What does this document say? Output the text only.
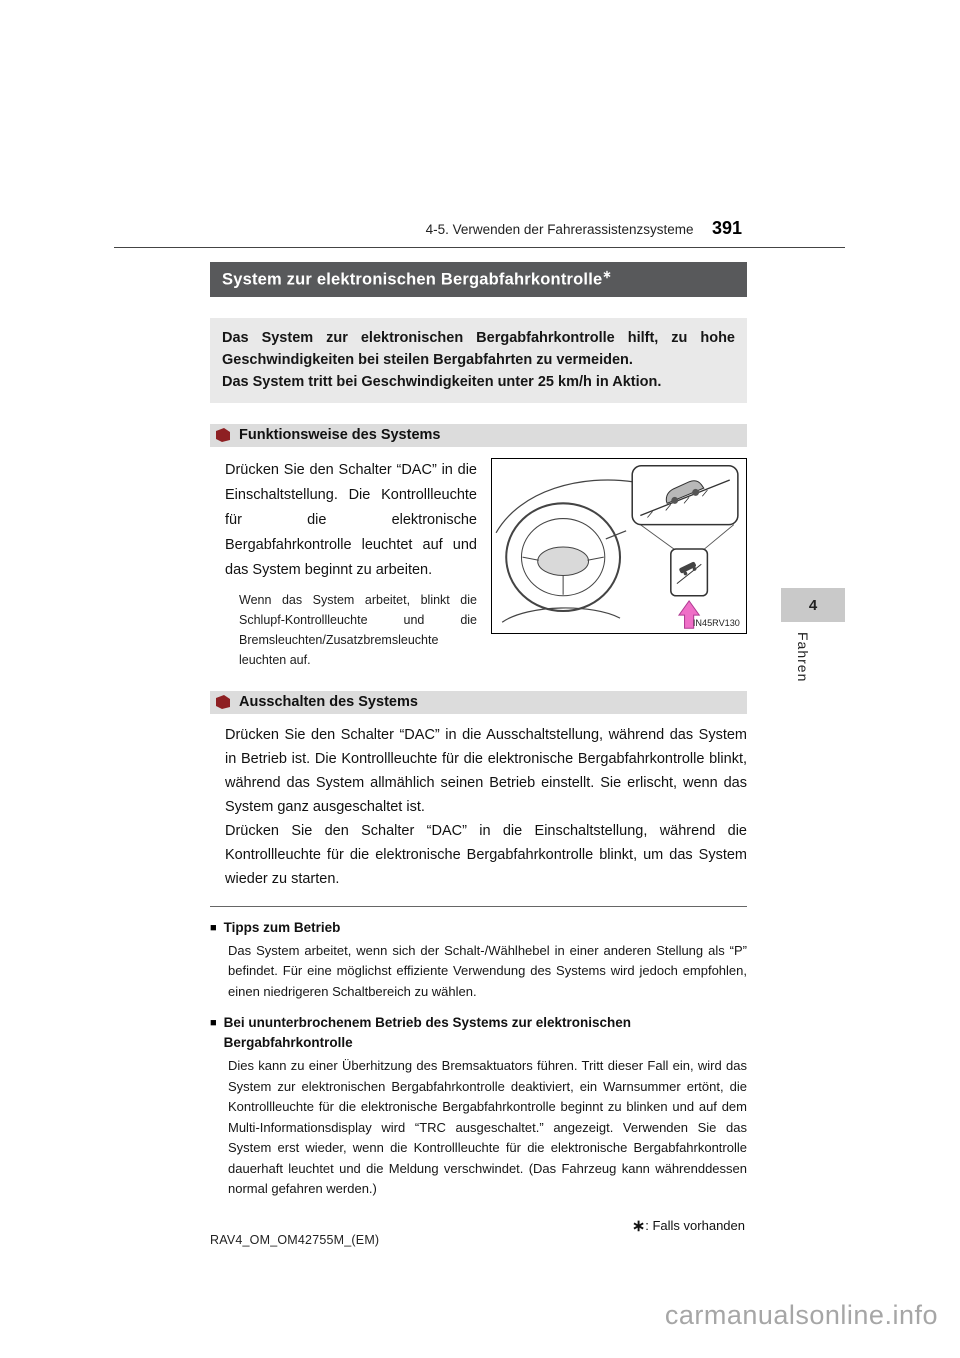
4-5. Verwenden der Fahrerassistenzsysteme 391
System zur elektronischen Bergabfahrkontrolle∗

Das System zur elektronischen Bergabfahrkontrolle hilft, zu hohe Geschwindigkeiten bei steilen Bergabfahrten zu vermeiden.

Das System tritt bei Geschwindigkeiten unter 25 km/h in Aktion.

Funktionsweise des Systems

Drücken Sie den Schalter “DAC” in die Einschaltstellung. Die Kontrollleuchte für die elektronische Bergabfahrkontrolle leuchtet auf und das System beginnt zu arbeiten.

Wenn das System arbeitet, blinkt die Schlupf-Kontrollleuchte und die Bremsleuchten/Zusatzbremsleuchte leuchten auf.

IN45RV130
Ausschalten des Systems

Drücken Sie den Schalter “DAC” in die Ausschaltstellung, während das System in Betrieb ist. Die Kontrollleuchte für die elektronische Bergabfahrkontrolle blinkt, während das System allmählich seinen Betrieb einstellt. Sie erlischt, wenn das System ganz ausgeschaltet ist.

Drücken Sie den Schalter “DAC” in die Einschaltstellung, während die Kontrollleuchte für die elektronische Bergabfahrkontrolle blinkt, um das System wieder zu starten.

■ Tipps zum Betrieb

Das System arbeitet, wenn sich der Schalt-/Wählhebel in einer anderen Stellung als “P” befindet. Für eine möglichst effiziente Verwendung des Systems wird jedoch empfohlen, einen niedrigeren Schaltbereich zu wählen.

■ Bei ununterbrochenem Betrieb des Systems zur elektronischen Bergabfahrkontrolle

Dies kann zu einer Überhitzung des Bremsaktuators führen. Tritt dieser Fall ein, wird das System zur elektronischen Bergabfahrkontrolle deaktiviert, ein Warnsummer ertönt, die Kontrollleuchte für die elektronische Bergabfahrkontrolle beginnt zu blinken und auf dem Multi-Informationsdisplay wird “TRC ausgeschaltet.” angezeigt. Verwenden Sie das System erst wieder, wenn die Kontrollleuchte für die elektronische Bergabfahrkontrolle dauerhaft leuchtet und die Meldung verschwindet. (Das Fahrzeug kann währenddessen normal gefahren werden.)

∗: Falls vorhanden
4
Fahren
RAV4_OM_OM42755M_(EM)
carmanualsonline.info
